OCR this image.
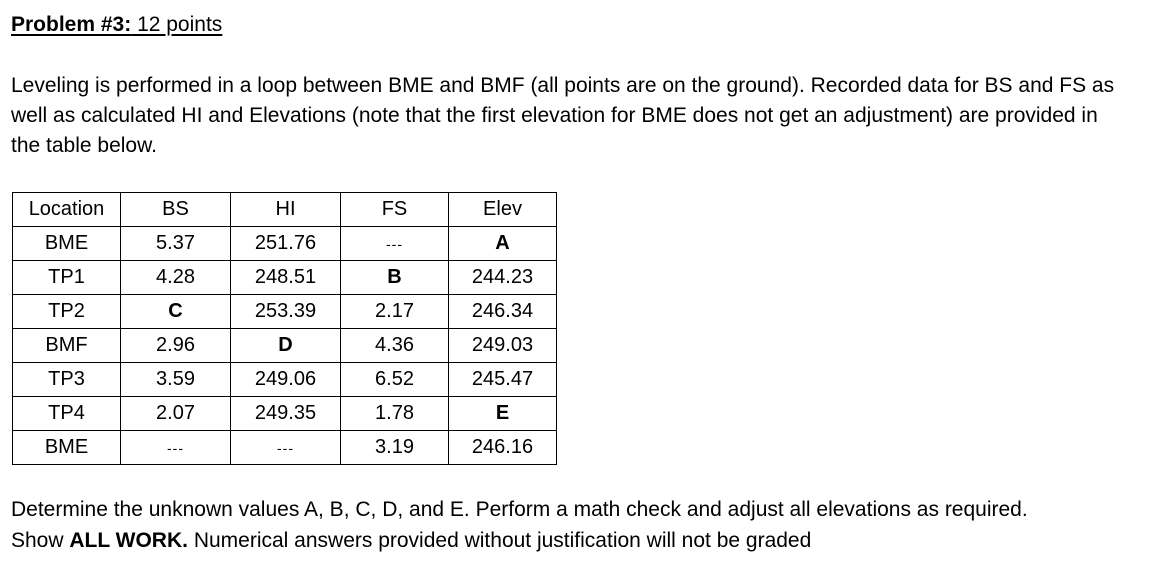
Problem #3: 12 points
Leveling is performed in a loop between BME and BMF (all points are on the ground). Recorded data for BS and FS as well as calculated HI and Elevations (note that the first elevation for BME does not get an adjustment) are provided in the table below.
Location	BS	HI	FS	Elev
BME	5.37	251.76	---	A
TP1	4.28	248.51	B	244.23
TP2	C	253.39	2.17	246.34
BMF	2.96	D	4.36	249.03
TP3	3.59	249.06	6.52	245.47
TP4	2.07	249.35	1.78	E
BME	---	---	3.19	246.16
Determine the unknown values A, B, C, D, and E. Perform a math check and adjust all elevations as required.
Show ALL WORK. Numerical answers provided without justification will not be graded
